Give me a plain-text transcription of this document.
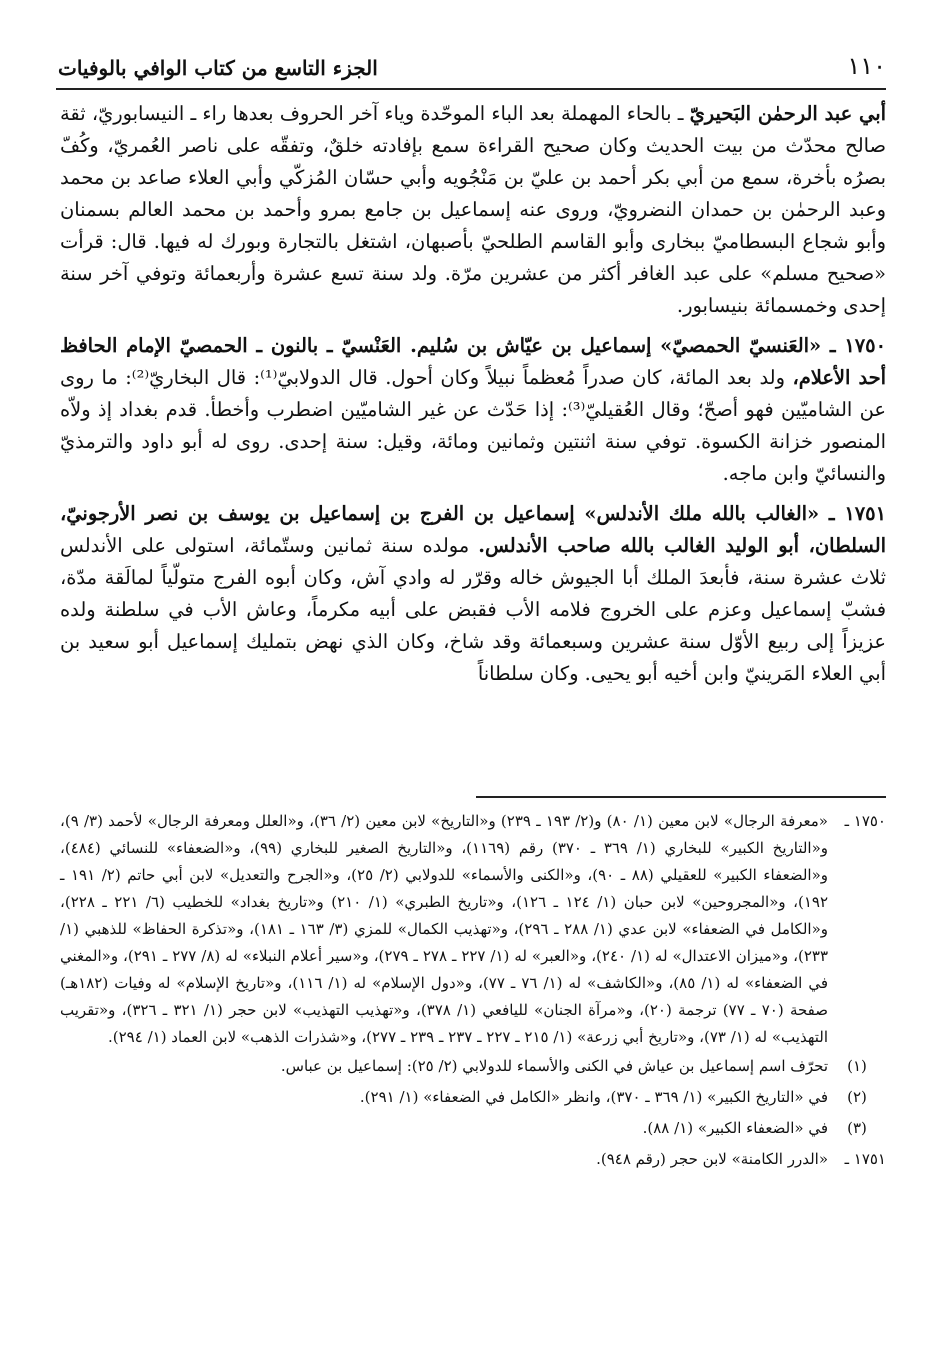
١١٠
الجزء التاسع من كتاب الوافي بالوفيات

أبي عبد الرحمٰن البَحيريّ ـ بالحاء المهملة بعد الباء الموحّدة وياء آخر الحروف بعدها راء ـ النيسابوريّ، ثقة صالح محدّث من بيت الحديث وكان صحيح القراءة سمع بإفادته خلقٌ، وتفقّه على ناصر العُمريّ، وكُفّ بصرُه بأخرة، سمع من أبي بكر أحمد بن عليّ بن مَنْجُويه وأبي حسّان المُزكّي وأبي العلاء صاعد بن محمد وعبد الرحمٰن بن حمدان النضرويّ، وروى عنه إسماعيل بن جامع بمرو وأحمد بن محمد العالم بسمنان وأبو شجاع البسطاميّ ببخارى وأبو القاسم الطلحيّ بأصبهان، اشتغل بالتجارة وبورك له فيها. قال: قرأت «صحيح مسلم» على عبد الغافر أكثر من عشرين مرّة. ولد سنة تسع عشرة وأربعمائة وتوفي آخر سنة إحدى وخمسمائة بنيسابور.

١٧٥٠ ـ «العَنسيّ الحمصيّ» إسماعيل بن عيّاش بن سُليم. العَنْسيّ ـ بالنون ـ الحمصيّ الإمام الحافظ أحد الأعلام، ولد بعد المائة، كان صدراً مُعظماً نبيلاً وكان أحول. قال الدولابيّ⁽¹⁾: قال البخاريّ⁽²⁾: ما روى عن الشاميّين فهو أصحّ؛ وقال العُقيليّ⁽³⁾: إذا حَدّث عن غير الشاميّين اضطرب وأخطأ. قدم بغداد إذ ولاّه المنصور خزانة الكسوة. توفي سنة اثنتين وثمانين ومائة، وقيل: سنة إحدى. روى له أبو داود والترمذيّ والنسائيّ وابن ماجه.

١٧٥١ ـ «الغالب بالله ملك الأندلس» إسماعيل بن الفرج بن إسماعيل بن يوسف بن نصر الأرجونيّ، السلطان، أبو الوليد الغالب بالله صاحب الأندلس. مولده سنة ثمانين وستّمائة، استولى على الأندلس ثلاث عشرة سنة، فأبعدَ الملك أبا الجيوش خاله وقرّر له وادي آش، وكان أبوه الفرج متولّياً لمالَقة مدّة، فشبّ إسماعيل وعزم على الخروج فلامه الأب فقبض على أبيه مكرماً، وعاش الأب في سلطنة ولده عزيزاً إلى ربيع الأوّل سنة عشرين وسبعمائة وقد شاخ، وكان الذي نهض بتمليك إسماعيل أبو سعيد بن أبي العلاء المَرينيّ وابن أخيه أبو يحيى. وكان سلطاناً

١٧٥٠ ـ
«معرفة الرجال» لابن معين (١/ ٨٠) و(٢/ ١٩٣ ـ ٢٣٩) و«التاريخ» لابن معين (٢/ ٣٦)، و«العلل ومعرفة الرجال» لأحمد (٣/ ٩)، و«التاريخ الكبير» للبخاري (١/ ٣٦٩ ـ ٣٧٠) رقم (١١٦٩)، و«التاريخ الصغير للبخاري (٩٩)، و«الضعفاء» للنسائي (٤٨٤)، و«الضعفاء الكبير» للعقيلي (٨٨ ـ ٩٠)، و«الكنى والأسماء» للدولابي (٢/ ٢٥)، و«الجرح والتعديل» لابن أبي حاتم (٢/ ١٩١ ـ ١٩٢)، و«المجروحين» لابن حبان (١/ ١٢٤ ـ ١٢٦)، و«تاريخ الطبري» (١/ ٢١٠) و«تاريخ بغداد» للخطيب (٦/ ٢٢١ ـ ٢٢٨)، و«الكامل في الضعفاء» لابن عدي (١/ ٢٨٨ ـ ٢٩٦)، و«تهذيب الكمال» للمزي (٣/ ١٦٣ ـ ١٨١)، و«تذكرة الحفاظ» للذهبي (١/ ٢٣٣)، و«ميزان الاعتدال» له (١/ ٢٤٠)، و«العبر» له (١/ ٢٢٧ ـ ٢٧٨ ـ ٢٧٩)، و«سير أعلام النبلاء» له (٨/ ٢٧٧ ـ ٢٩١)، و«المغني في الضعفاء» له (١/ ٨٥)، و«الكاشف» له (١/ ٧٦ ـ ٧٧)، و«دول الإسلام» له (١/ ١١٦)، و«تاريخ الإسلام» له وفيات (١٨٢هـ) صفحة (٧٠ ـ ٧٧) ترجمة (٢٠)، و«مرآة الجنان» لليافعي (١/ ٣٧٨)، و«تهذيب التهذيب» لابن حجر (١/ ٣٢١ ـ ٣٢٦)، و«تقريب التهذيب» له (١/ ٧٣)، و«تاريخ أبي زرعة» (١/ ٢١٥ ـ ٢٢٧ ـ ٢٣٧ ـ ٢٣٩ ـ ٢٧٧)، و«شذرات الذهب» لابن العماد (١/ ٢٩٤).
(١)
تحرّف اسم إسماعيل بن عياش في الكنى والأسماء للدولابي (٢/ ٢٥): إسماعيل بن عباس.
(٢)
في «التاريخ الكبير» (١/ ٣٦٩ ـ ٣٧٠)، وانظر «الكامل في الضعفاء» (١/ ٢٩١).
(٣)
في «الضعفاء الكبير» (١/ ٨٨).
١٧٥١ ـ
«الدرر الكامنة» لابن حجر (رقم ٩٤٨).
